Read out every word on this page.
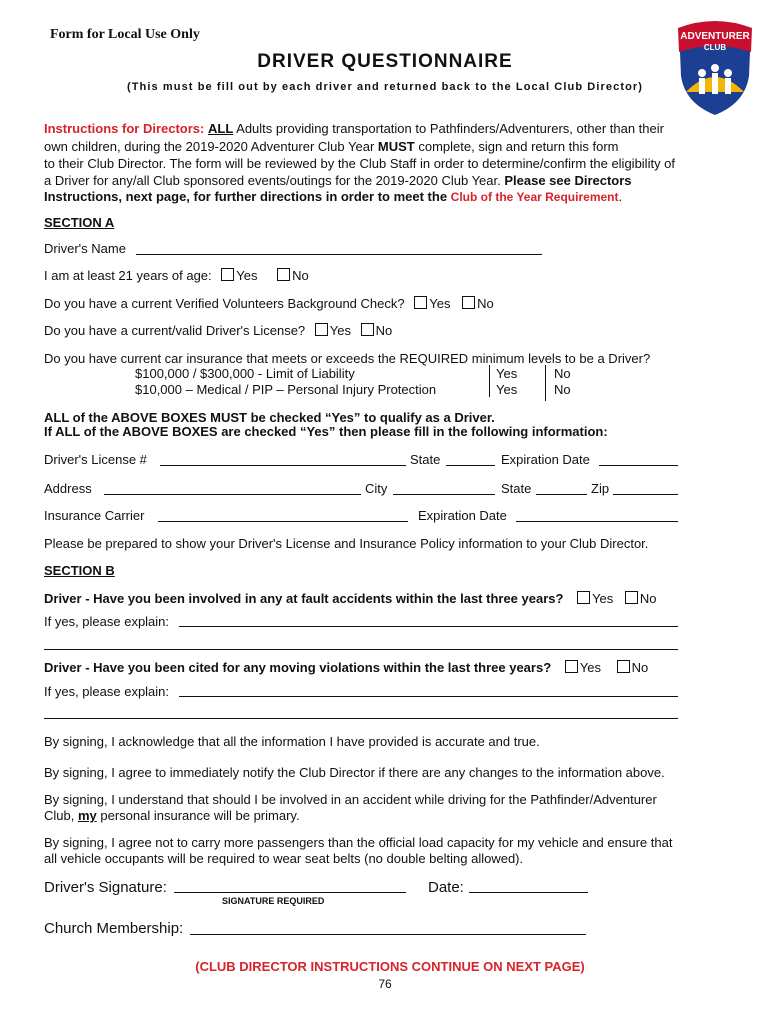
Form for Local Use Only
DRIVER QUESTIONNAIRE
(This must be fill out by each driver and returned back to the Local Club Director)
ADVENTURER
CLUB
Instructions for Directors: ALL Adults providing transportation to Pathfinders/Adventurers, other than their
own children, during the 2019-2020 Adventurer Club Year MUST complete, sign and return this form
to their Club Director. The form will be reviewed by the Club Staff in order to determine/confirm the eligibility of
a Driver for any/all Club sponsored events/outings for the 2019-2020 Club Year. Please see Directors
Instructions, next page, for further directions in order to meet the Club of the Year Requirement.
SECTION A
Driver's Name
I am at least 21 years of age: Yes	No
Do you have a current Verified Volunteers Background Check? Yes No
Do you have a current/valid Driver's License? Yes No
Do you have current car insurance that meets or exceeds the REQUIRED minimum levels to be a Driver?
$100,000 / $300,000 - Limit of Liability
$10,000 – Medical / PIP – Personal Injury Protection
Yes	No
Yes	No
ALL of the ABOVE BOXES MUST be checked “Yes” to qualify as a Driver.
If ALL of the ABOVE BOXES are checked “Yes” then please fill in the following information:
Driver's License #	State	Expiration Date
Address	City	State	Zip
Insurance Carrier	Expiration Date
Please be prepared to show your Driver's License and Insurance Policy information to your Club Director.
SECTION B
Driver - Have you been involved in any at fault accidents within the last three years? Yes No
If yes, please explain:
Driver - Have you been cited for any moving violations within the last three years? Yes No
If yes, please explain:
By signing, I acknowledge that all the information I have provided is accurate and true.
By signing, I agree to immediately notify the Club Director if there are any changes to the information above.
By signing, I understand that should I be involved in an accident while driving for the Pathfinder/Adventurer
Club, my personal insurance will be primary.
By signing, I agree not to carry more passengers than the official load capacity for my vehicle and ensure that
all vehicle occupants will be required to wear seat belts (no double belting allowed).
Driver's Signature:
SIGNATURE REQUIRED
Date:
Church Membership:
(CLUB DIRECTOR INSTRUCTIONS CONTINUE ON NEXT PAGE)
76
